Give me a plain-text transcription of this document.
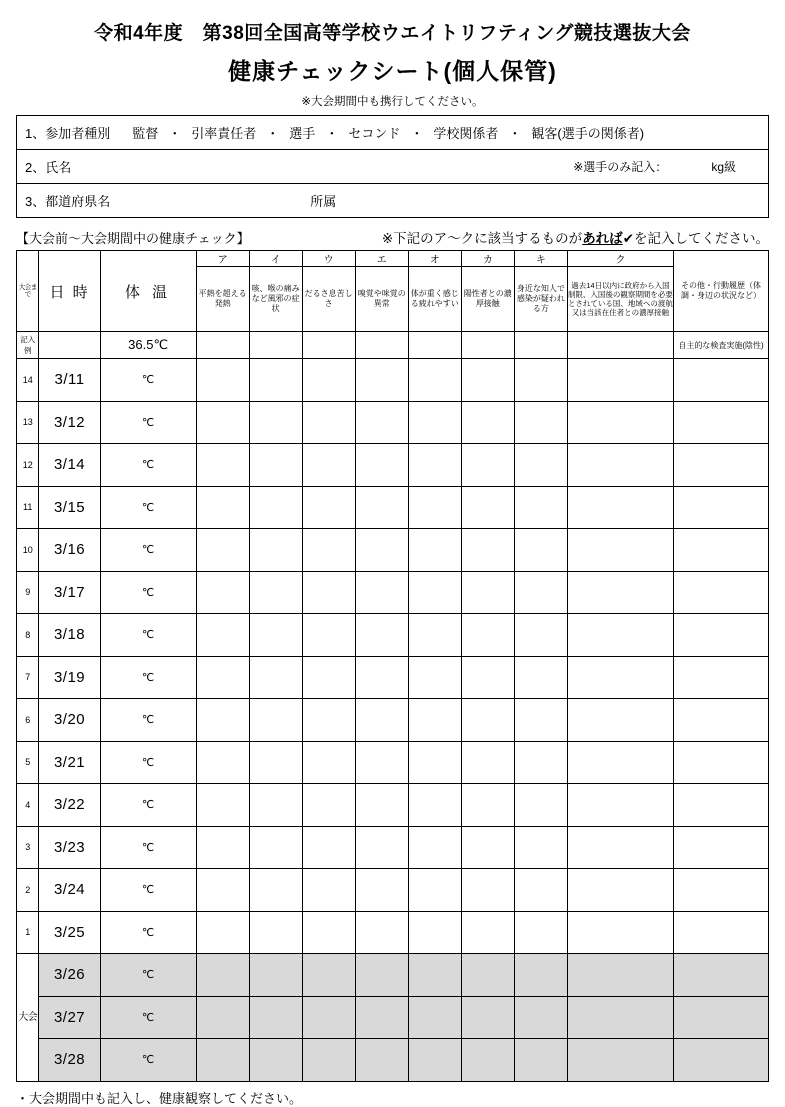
令和4年度　第38回全国高等学校ウエイトリフティング競技選抜大会
健康チェックシート(個人保管)
※大会期間中も携行してください。
1、参加者種別 監督 ・ 引率責任者 ・ 選手 ・ セコンド ・ 学校関係者 ・ 観客(選手の関係者)

2、氏名	※選手のみ記入：	kg級

3、都道府県名	所属
【大会前～大会期間中の健康チェック】	※下記のア～クに該当するものがあれば✔を記入してください。
大会まで	日 時	体 温	ア	イ	ウ	エ	オ	カ	キ	ク	その他・行動履歴（体調・身辺の状況など）
			平熱を超える発熱	咳、喉の痛みなど風邪の症状	だるさ息苦しさ	嗅覚や味覚の異常	体が重く感じる疲れやすい	陽性者との濃厚接触	身近な知人で感染が疑われる方	過去14日以内に政府から入国制限、入国後の観察期間を必要とされている国、地域への渡航又は当該在住者との濃厚接触	
記入例		36.5℃									自主的な検査実施(陰性)
14	3/11	℃									
13	3/12	℃									
12	3/14	℃									
11	3/15	℃									
10	3/16	℃									
9	3/17	℃									
8	3/18	℃									
7	3/19	℃									
6	3/20	℃									
5	3/21	℃									
4	3/22	℃									
3	3/23	℃									
2	3/24	℃									
1	3/25	℃									
大会	3/26	℃									
	3/27	℃									
	3/28	℃									
・大会期間中も記入し、健康観察してください。
